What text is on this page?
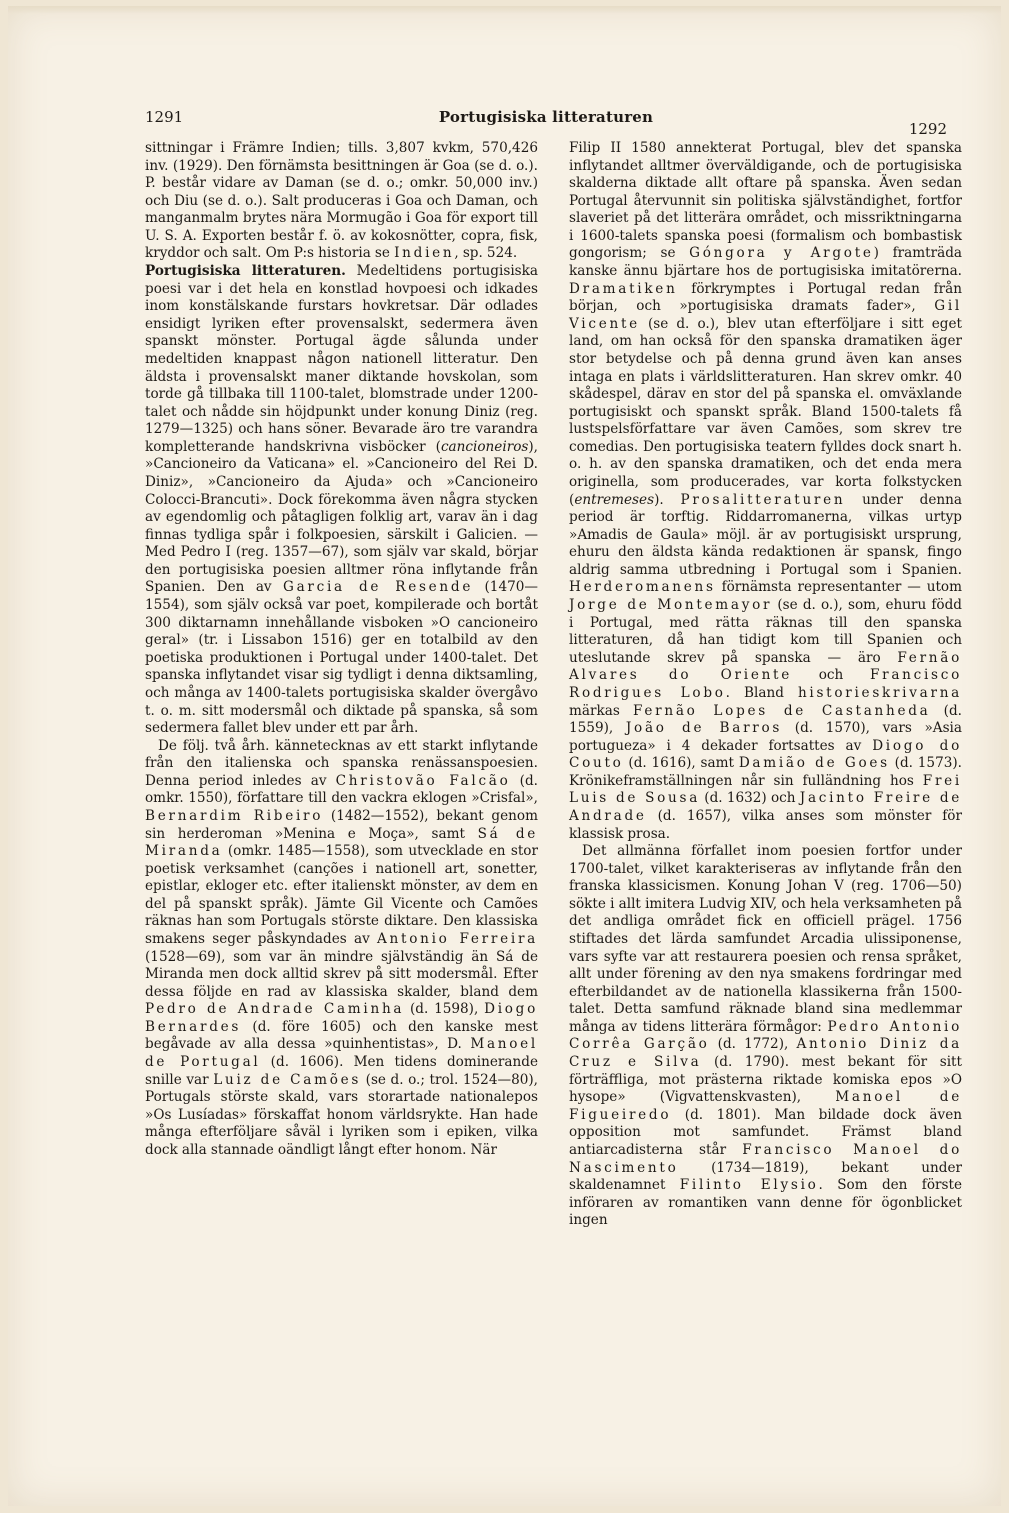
1291	Portugisiska litteraturen
1292

sittningar i Främre Indien; tills. 3,807 kvkm, 570,426 inv. (1929). Den förnämsta besittningen är Goa (se d. o.). P. består vidare av Daman (se d. o.; omkr. 50,000 inv.) och Diu (se d. o.). Salt produceras i Goa och Daman, och manganmalm brytes nära Mormugão i Goa för export till U. S. A. Exporten består f. ö. av kokosnötter, copra, fisk, kryddor och salt. Om P:s historia se Indien, sp. 524.

Portugisiska litteraturen. Medeltidens portugisiska poesi var i det hela en konstlad hovpoesi och idkades inom konstälskande furstars hovkretsar. Där odlades ensidigt lyriken efter provensalskt, sedermera även spanskt mönster. Portugal ägde sålunda under medeltiden knappast någon nationell litteratur. Den äldsta i provensalskt maner diktande hovskolan, som torde gå tillbaka till 1100-talet, blomstrade under 1200-talet och nådde sin höjdpunkt under konung Diniz (reg. 1279—1325) och hans söner. Bevarade äro tre varandra kompletterande handskrivna visböcker (cancioneiros), »Cancioneiro da Vaticana» el. »Cancioneiro del Rei D. Diniz», »Cancioneiro da Ajuda» och »Cancioneiro Colocci-Brancuti». Dock förekomma även några stycken av egendomlig och påtagligen folklig art, varav än i dag finnas tydliga spår i folkpoesien, särskilt i Galicien. — Med Pedro I (reg. 1357—67), som själv var skald, börjar den portugisiska poesien alltmer röna inflytande från Spanien. Den av Garcia de Resende (1470—1554), som själv också var poet, kompilerade och bortåt 300 diktarnamn innehållande visboken »O cancioneiro geral» (tr. i Lissabon 1516) ger en totalbild av den poetiska produktionen i Portugal under 1400-talet. Det spanska inflytandet visar sig tydligt i denna diktsamling, och många av 1400-talets portugisiska skalder övergåvo t. o. m. sitt modersmål och diktade på spanska, så som sedermera fallet blev under ett par årh.

De följ. två årh. kännetecknas av ett starkt inflytande från den italienska och spanska renässanspoesien. Denna period inledes av Christovão Falcão (d. omkr. 1550), författare till den vackra eklogen »Crisfal», Bernardim Ribeiro (1482—1552), bekant genom sin herderoman »Menina e Moça», samt Sá de Miranda (omkr. 1485—1558), som utvecklade en stor poetisk verksamhet (canções i nationell art, sonetter, epistlar, ekloger etc. efter italienskt mönster, av dem en del på spanskt språk). Jämte Gil Vicente och Camões räknas han som Portugals störste diktare. Den klassiska smakens seger påskyndades av Antonio Ferreira (1528—69), som var än mindre självständig än Sá de Miranda men dock alltid skrev på sitt modersmål. Efter dessa följde en rad av klassiska skalder, bland dem Pedro de Andrade Caminha (d. 1598), Diogo Bernardes (d. före 1605) och den kanske mest begåvade av alla dessa »quinhentistas», D. Manoel de Portugal (d. 1606). Men tidens dominerande snille var Luiz de Camões (se d. o.; trol. 1524—80), Portugals störste skald, vars storartade nationalepos »Os Lusíadas» förskaffat honom världsrykte. Han hade många efterföljare såväl i lyriken som i epiken, vilka dock alla stannade oändligt långt efter honom. När

Filip II 1580 annekterat Portugal, blev det spanska inflytandet alltmer överväldigande, och de portugisiska skalderna diktade allt oftare på spanska. Även sedan Portugal återvunnit sin politiska självständighet, fortfor slaveriet på det litterära området, och missriktningarna i 1600-talets spanska poesi (formalism och bombastisk gongorism; se Góngora y Argote) framträda kanske ännu bjärtare hos de portugisiska imitatörerna. Dramatiken förkrymptes i Portugal redan från början, och »portugisiska dramats fader», Gil Vicente (se d. o.), blev utan efterföljare i sitt eget land, om han också för den spanska dramatiken äger stor betydelse och på denna grund även kan anses intaga en plats i världslitteraturen. Han skrev omkr. 40 skådespel, därav en stor del på spanska el. omväxlande portugisiskt och spanskt språk. Bland 1500-talets få lustspelsförfattare var även Camões, som skrev tre comedias. Den portugisiska teatern fylldes dock snart h. o. h. av den spanska dramatiken, och det enda mera originella, som producerades, var korta folkstycken (entremeses). Prosalitteraturen under denna period är torftig. Riddarromanerna, vilkas urtyp »Amadis de Gaula» möjl. är av portugisiskt ursprung, ehuru den äldsta kända redaktionen är spansk, fingo aldrig samma utbredning i Portugal som i Spanien. Herderomanens förnämsta representanter — utom Jorge de Montemayor (se d. o.), som, ehuru född i Portugal, med rätta räknas till den spanska litteraturen, då han tidigt kom till Spanien och uteslutande skrev på spanska — äro Fernão Alvares do Oriente och Francisco Rodrigues Lobo. Bland historieskrivarna märkas Fernão Lopes de Castanheda (d. 1559), João de Barros (d. 1570), vars »Asia portugueza» i 4 dekader fortsattes av Diogo do Couto (d. 1616), samt Damião de Goes (d. 1573). Krönikeframställningen når sin fulländning hos Frei Luis de Sousa (d. 1632) och Jacinto Freire de Andrade (d. 1657), vilka anses som mönster för klassisk prosa.

Det allmänna förfallet inom poesien fortfor under 1700-talet, vilket karakteriseras av inflytande från den franska klassicismen. Konung Johan V (reg. 1706—50) sökte i allt imitera Ludvig XIV, och hela verksamheten på det andliga området fick en officiell prägel. 1756 stiftades det lärda samfundet Arcadia ulissiponense, vars syfte var att restaurera poesien och rensa språket, allt under förening av den nya smakens fordringar med efterbildandet av de nationella klassikerna från 1500-talet. Detta samfund räknade bland sina medlemmar många av tidens litterära förmågor: Pedro Antonio Corrêa Garção (d. 1772), Antonio Diniz da Cruz e Silva (d. 1790). mest bekant för sitt förträffliga, mot prästerna riktade komiska epos »O hysope» (Vigvattenskvasten),	Manoel de Figueiredo (d. 1801). Man bildade dock även opposition mot samfundet. Främst bland antiarcadisterna står Francisco Manoel do Nascimento (1734—1819), bekant under skaldenamnet Filinto Elysio. Som den förste införaren av romantiken vann denne för ögonblicket ingen
